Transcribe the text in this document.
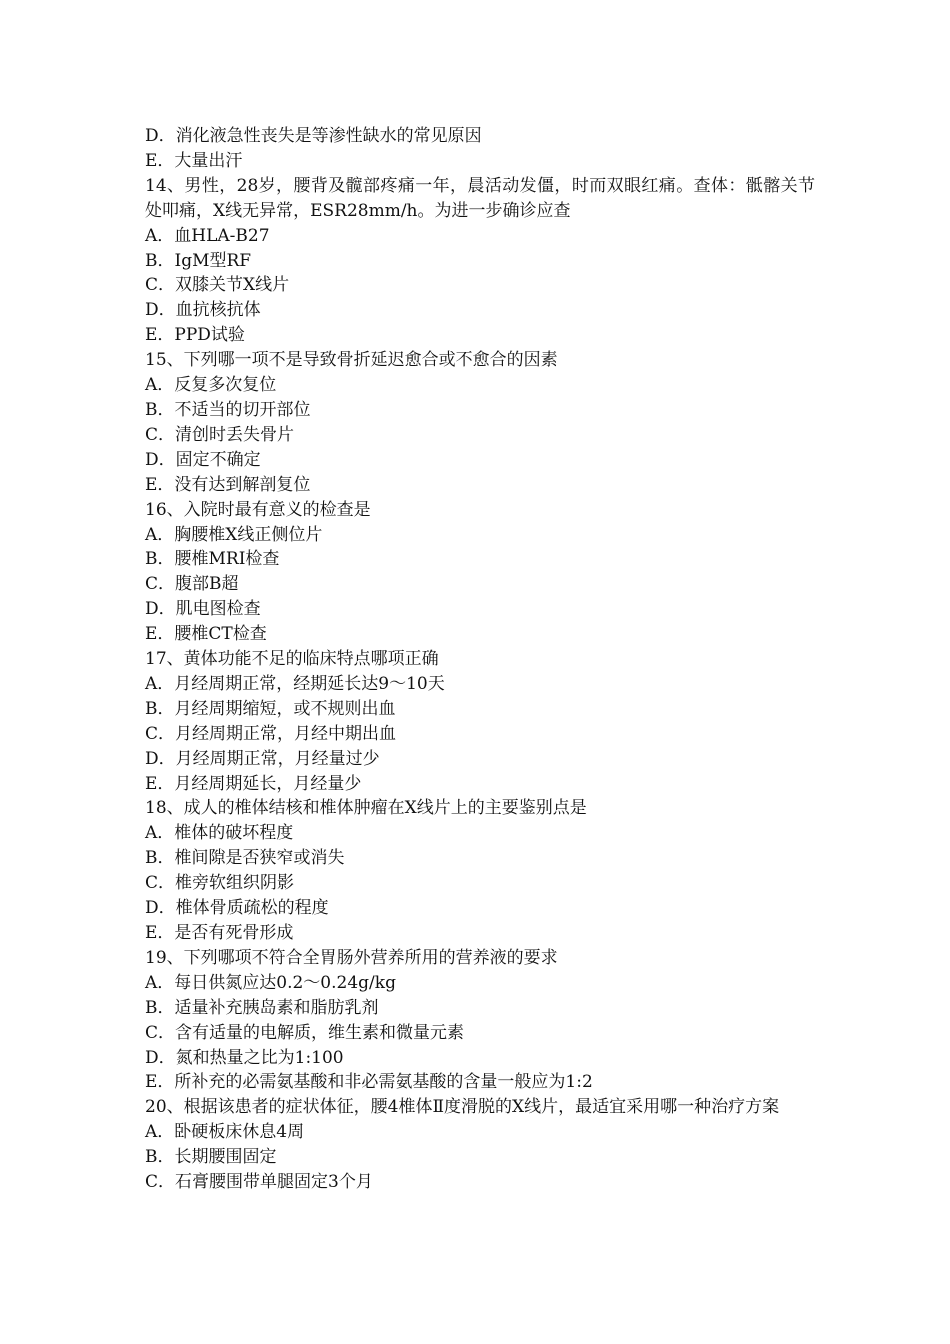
D．消化液急性丧失是等渗性缺水的常见原因

E．大量出汗

14、男性，28岁，腰背及髋部疼痛一年，晨活动发僵，时而双眼红痛。查体：骶髂关节处叩痛，X线无异常，ESR28mm/h。为进一步确诊应查

A．血HLA-B27

B．IgM型RF

C．双膝关节X线片

D．血抗核抗体

E．PPD试验

15、下列哪一项不是导致骨折延迟愈合或不愈合的因素

A．反复多次复位

B．不适当的切开部位

C．清创时丢失骨片

D．固定不确定

E．没有达到解剖复位

16、入院时最有意义的检查是

A．胸腰椎X线正侧位片

B．腰椎MRI检查

C．腹部B超

D．肌电图检查

E．腰椎CT检查

17、黄体功能不足的临床特点哪项正确

A．月经周期正常，经期延长达9～10天

B．月经周期缩短，或不规则出血

C．月经周期正常，月经中期出血

D．月经周期正常，月经量过少

E．月经周期延长，月经量少

18、成人的椎体结核和椎体肿瘤在X线片上的主要鉴别点是

A．椎体的破坏程度

B．椎间隙是否狭窄或消失

C．椎旁软组织阴影

D．椎体骨质疏松的程度

E．是否有死骨形成

19、下列哪项不符合全胃肠外营养所用的营养液的要求

A．每日供氮应达0.2～0.24g/kg

B．适量补充胰岛素和脂肪乳剂

C．含有适量的电解质，维生素和微量元素

D．氮和热量之比为1:100

E．所补充的必需氨基酸和非必需氨基酸的含量一般应为1:2

20、根据该患者的症状体征，腰4椎体Ⅱ度滑脱的X线片，最适宜采用哪一种治疗方案

A．卧硬板床休息4周

B．长期腰围固定

C．石膏腰围带单腿固定3个月
